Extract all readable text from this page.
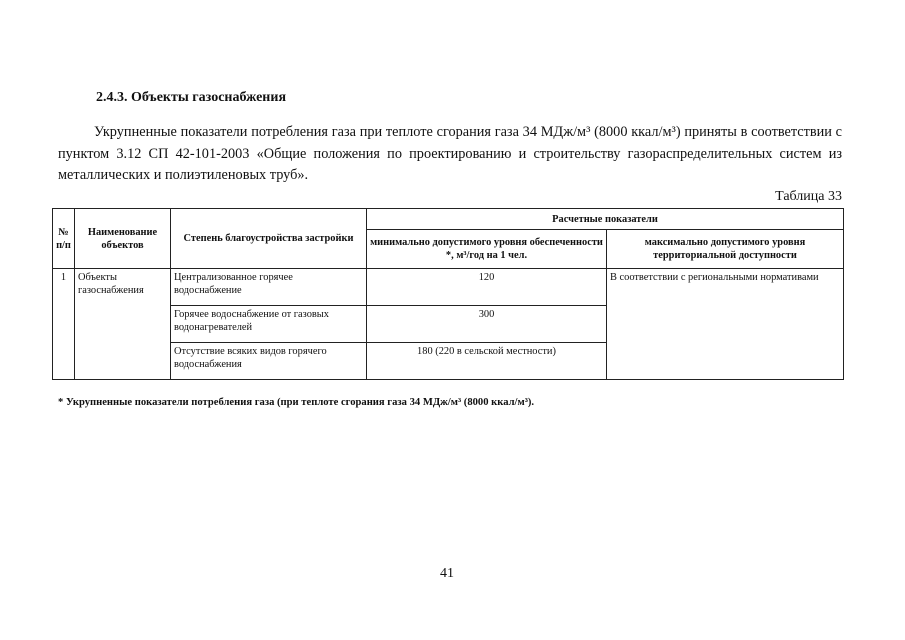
2.4.3. Объекты газоснабжения
Укрупненные показатели потребления газа при теплоте сгорания газа 34 МДж/м³ (8000 ккал/м³) приняты в соответствии с пунктом 3.12 СП 42-101-2003 «Общие положения по проектированию и строительству газораспределительных систем из металлических и полиэтиленовых труб».
Таблица 33
№ п/п	Наименование объектов	Степень благоустройства застройки	Расчетные показатели	
			минимально допустимого уровня обеспеченности *, м³/год на 1 чел.	максимально допустимого уровня территориальной доступности
1	Объекты газоснабжения	Централизованное горячее водоснабжение	120	В соответствии с региональными нормативами
		Горячее водоснабжение от газовых водонагревателей	300	
		Отсутствие всяких видов горячего водоснабжения	180 (220 в сельской местности)	
* Укрупненные показатели потребления газа (при теплоте сгорания газа 34 МДж/м³ (8000 ккал/м³).
41
